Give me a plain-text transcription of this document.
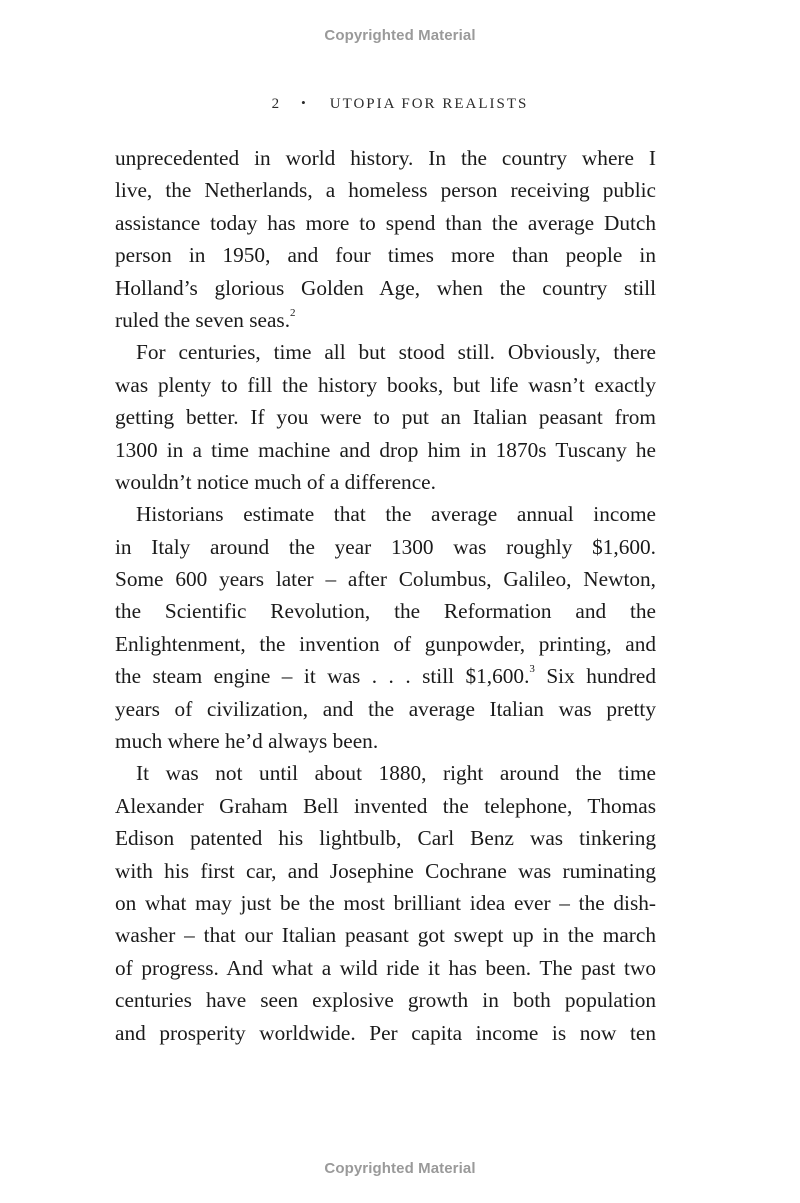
Copyrighted Material
2 • UTOPIA FOR REALISTS
unprecedented in world history. In the country where I
live, the Netherlands, a homeless person receiving public
assistance today has more to spend than the average Dutch
person in 1950, and four times more than people in
Holland’s glorious Golden Age, when the country still
ruled the seven seas.$^2$
For centuries, time all but stood still. Obviously, there
was plenty to fill the history books, but life wasn’t exactly
getting better. If you were to put an Italian peasant from
1300 in a time machine and drop him in 1870s Tuscany he
wouldn’t notice much of a difference.
Historians estimate that the average annual income
in Italy around the year 1300 was roughly $1,600.
Some 600 years later – after Columbus, Galileo, Newton,
the Scientific Revolution, the Reformation and the
Enlightenment, the invention of gunpowder, printing, and
the steam engine – it was . . . still $1,600.$^3$ Six hundred
years of civilization, and the average Italian was pretty
much where he’d always been.
It was not until about 1880, right around the time
Alexander Graham Bell invented the telephone, Thomas
Edison patented his lightbulb, Carl Benz was tinkering
with his first car, and Josephine Cochrane was ruminating
on what may just be the most brilliant idea ever – the dish-
washer – that our Italian peasant got swept up in the march
of progress. And what a wild ride it has been. The past two
centuries have seen explosive growth in both population
and prosperity worldwide. Per capita income is now ten
Copyrighted Material
